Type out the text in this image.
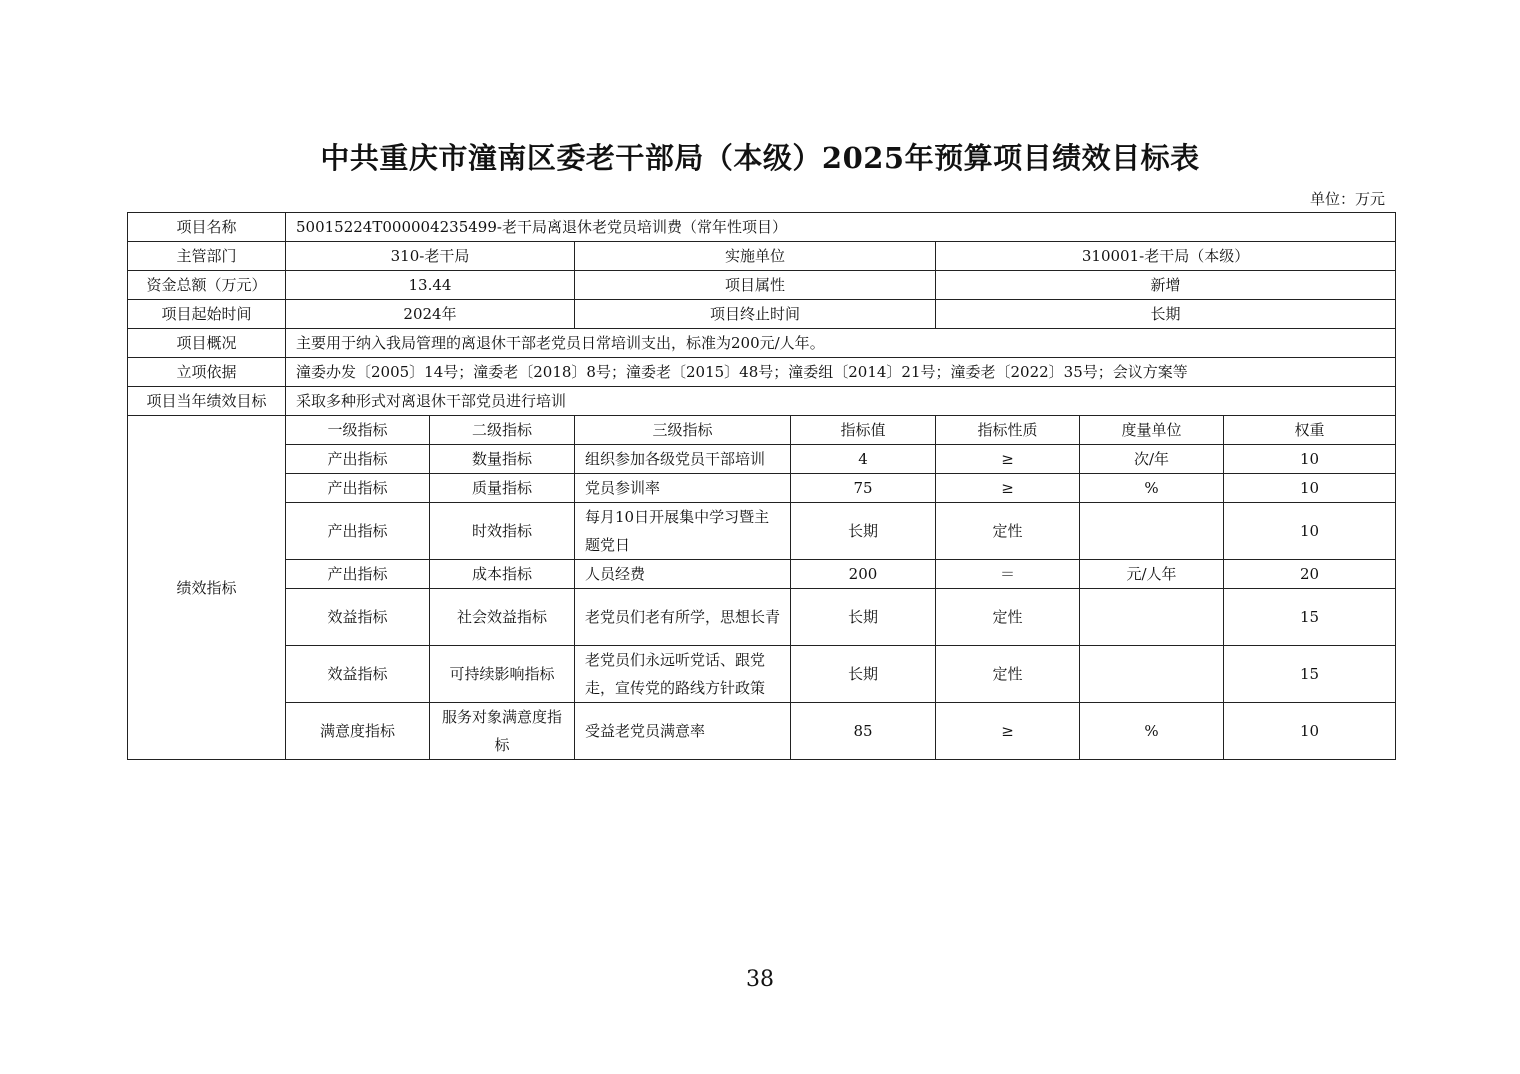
中共重庆市潼南区委老干部局（本级）2025年预算项目绩效目标表
单位：万元
项目名称	50015224T000004235499-老干局离退休老党员培训费（常年性项目）						
主管部门	310-老干局		实施单位		310001-老干局（本级）		
资金总额（万元）	13.44		项目属性		新增		
项目起始时间	2024年		项目终止时间		长期		
项目概况	主要用于纳入我局管理的离退休干部老党员日常培训支出，标准为200元/人年。						
立项依据	潼委办发〔2005〕14号；潼委老〔2018〕8号；潼委老〔2015〕48号；潼委组〔2014〕21号；潼委老〔2022〕35号；会议方案等						
项目当年绩效目标	采取多种形式对离退休干部党员进行培训						
绩效指标	一级指标	二级指标	三级指标	指标值	指标性质	度量单位	权重
	产出指标	数量指标	组织参加各级党员干部培训	4	≥	次/年	10
	产出指标	质量指标	党员参训率	75	≥	%	10
	产出指标	时效指标	每月10日开展集中学习暨主题党日	长期	定性		10
	产出指标	成本指标	人员经费	200	＝	元/人年	20
	效益指标	社会效益指标	老党员们老有所学，思想长青	长期	定性		15
	效益指标	可持续影响指标	老党员们永远听党话、跟党走，宣传党的路线方针政策	长期	定性		15
	满意度指标	服务对象满意度指标	受益老党员满意率	85	≥	%	10
38
